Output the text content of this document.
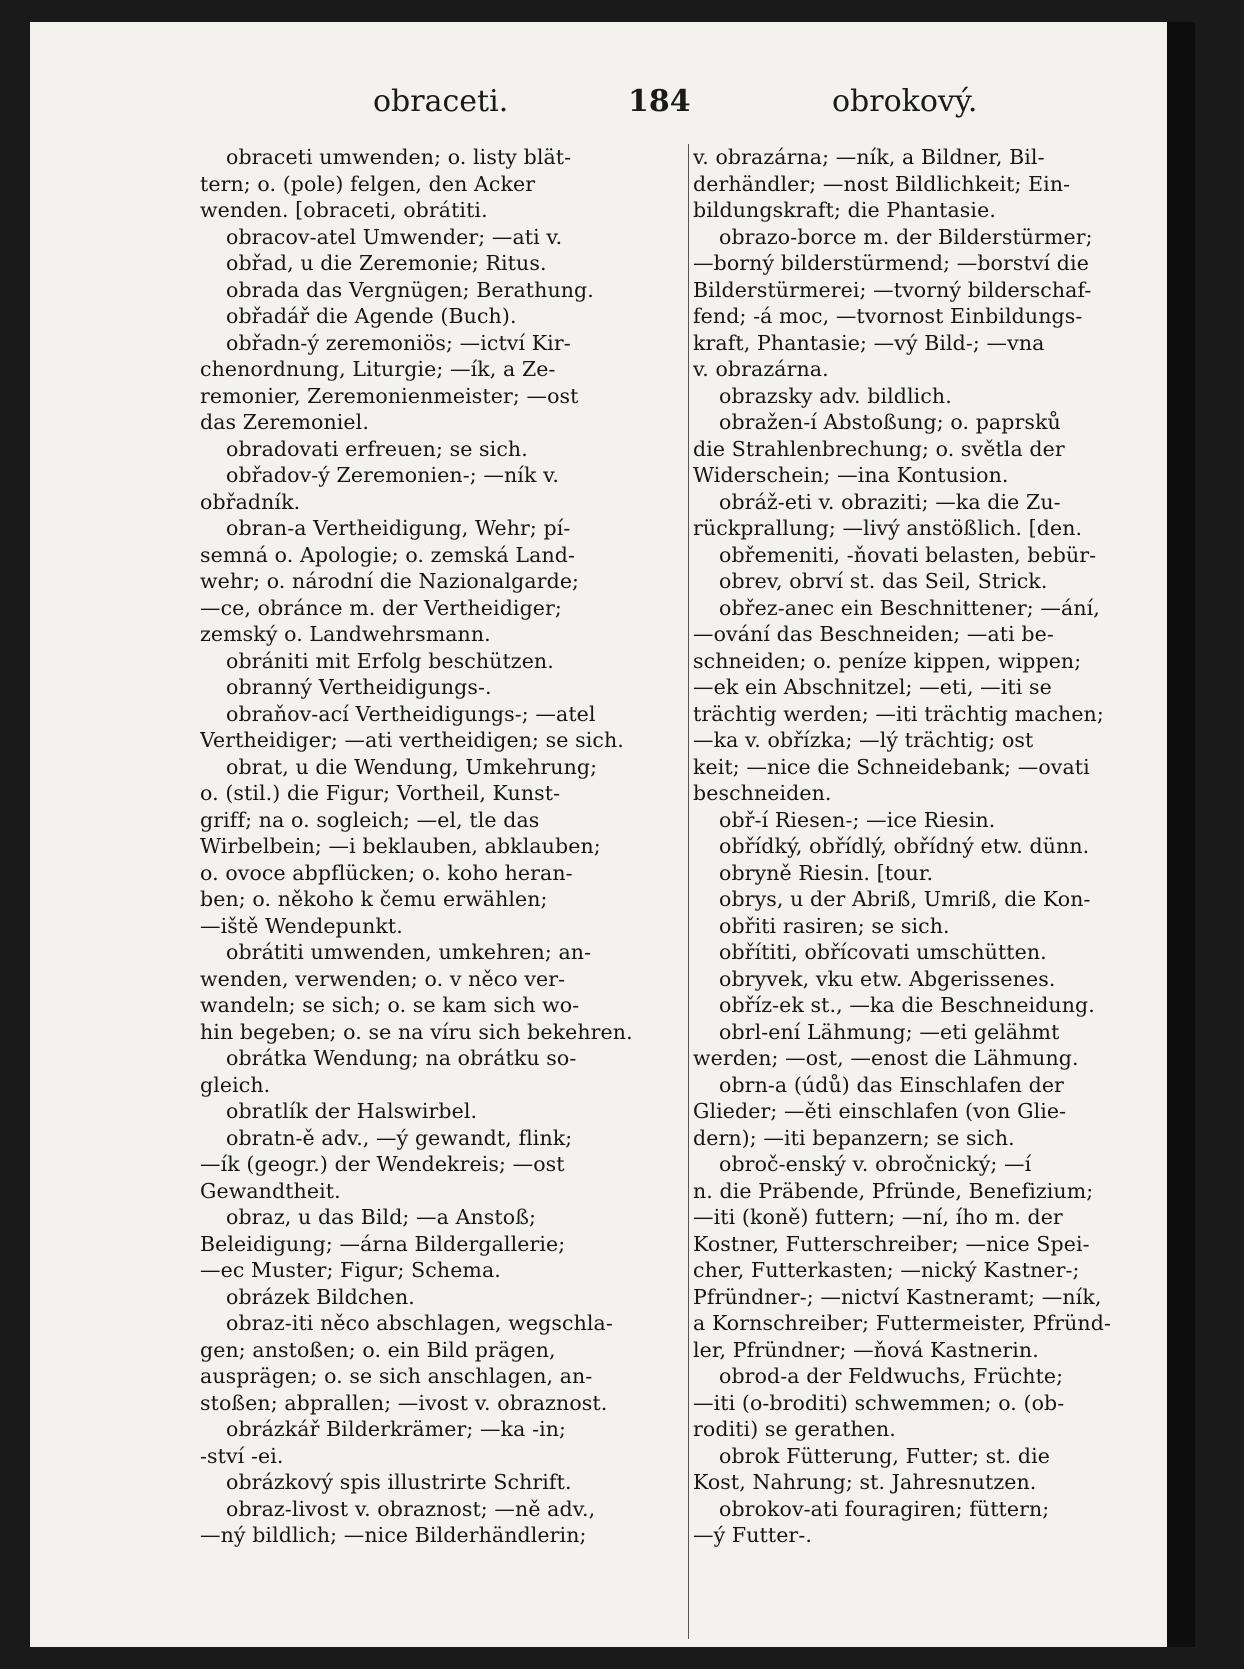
obraceti.	184	obrokový.
obraceti umwenden; o. listy blät-
tern; o. (pole) felgen, den Acker
wenden. [obraceti, obrátiti.
obracov-atel Umwender; —ati v.
obřad, u die Zeremonie; Ritus.
obrada das Vergnügen; Berathung.
obřadář die Agende (Buch).
obřadn-ý zeremoniös; —ictví Kir-
chenordnung, Liturgie; —ík, a Ze-
remonier, Zeremonienmeister; —ost
das Zeremoniel.
obradovati erfreuen; se sich.
obřadov-ý Zeremonien-; —ník v.
obřadník.
obran-a Vertheidigung, Wehr; pí-
semná o. Apologie; o. zemská Land-
wehr; o. národní die Nazionalgarde;
—ce, obránce m. der Vertheidiger;
zemský o. Landwehrsmann.
obrániti mit Erfolg beschützen.
obranný Vertheidigungs-.
obraňov-ací Vertheidigungs-; —atel
Vertheidiger; —ati vertheidigen; se sich.
obrat, u die Wendung, Umkehrung;
o. (stil.) die Figur; Vortheil, Kunst-
griff; na o. sogleich; —el, tle das
Wirbelbein; —i beklauben, abklauben;
o. ovoce abpflücken; o. koho heran-
ben; o. někoho k čemu erwählen;
—iště Wendepunkt.
obrátiti umwenden, umkehren; an-
wenden, verwenden; o. v něco ver-
wandeln; se sich; o. se kam sich wo-
hin begeben; o. se na víru sich bekehren.
obrátka Wendung; na obrátku so-
gleich.
obratlík der Halswirbel.
obratn-ě adv., —ý gewandt, flink;
—ík (geogr.) der Wendekreis; —ost
Gewandtheit.
obraz, u das Bild; —a Anstoß;
Beleidigung; —árna Bildergallerie;
—ec Muster; Figur; Schema.
obrázek Bildchen.
obraz-iti něco abschlagen, wegschla-
gen; anstoßen; o. ein Bild prägen,
ausprägen; o. se sich anschlagen, an-
stoßen; abprallen; —ivost v. obraznost.
obrázkář Bilderkrämer; —ka -in;
-ství -ei.
obrázkový spis illustrirte Schrift.
obraz-livost v. obraznost; —ně adv.,
—ný bildlich; —nice Bilderhändlerin;
v. obrazárna; —ník, a Bildner, Bil-
derhändler; —nost Bildlichkeit; Ein-
bildungskraft; die Phantasie.
obrazo-borce m. der Bilderstürmer;
—borný bilderstürmend; —borství die
Bilderstürmerei; —tvorný bilderschaf-
fend; -á moc, —tvornost Einbildungs-
kraft, Phantasie; —vý Bild-; —vna
v. obrazárna.
obrazsky adv. bildlich.
obražen-í Abstoßung; o. paprsků
die Strahlenbrechung; o. světla der
Widerschein; —ina Kontusion.
obráž-eti v. obraziti; —ka die Zu-
rückprallung; —livý anstößlich. [den.
obřemeniti, -ňovati belasten, bebür-
obrev, obrví st. das Seil, Strick.
obřez-anec ein Beschnittener; —ání,
—ování das Beschneiden; —ati be-
schneiden; o. peníze kippen, wippen;
—ek ein Abschnitzel; —eti, —iti se
trächtig werden; —iti trächtig machen;
—ka v. obřízka; —lý trächtig; ost
keit; —nice die Schneidebank; —ovati
beschneiden.
obř-í Riesen-; —ice Riesin.
obřídký, obřídlý, obřídný etw. dünn.
obryně Riesin. [tour.
obrys, u der Abriß, Umriß, die Kon-
obřiti rasiren; se sich.
obřítiti, obřícovati umschütten.
obryvek, vku etw. Abgerissenes.
obříz-ek st., —ka die Beschneidung.
obrl-ení Lähmung; —eti gelähmt
werden; —ost, —enost die Lähmung.
obrn-a (údů) das Einschlafen der
Glieder; —ěti einschlafen (von Glie-
dern); —iti bepanzern; se sich.
obroč-enský v. obročnický; —í
n. die Präbende, Pfründe, Benefizium;
—iti (koně) futtern; —ní, ího m. der
Kostner, Futterschreiber; —nice Spei-
cher, Futterkasten; —nický Kastner-;
Pfründner-; —nictví Kastneramt; —ník,
a Kornschreiber; Futtermeister, Pfründ-
ler, Pfründner; —ňová Kastnerin.
obrod-a der Feldwuchs, Früchte;
—iti (o-broditi) schwemmen; o. (ob-
roditi) se gerathen.
obrok Fütterung, Futter; st. die
Kost, Nahrung; st. Jahresnutzen.
obrokov-ati fouragiren; füttern;
—ý Futter-.
